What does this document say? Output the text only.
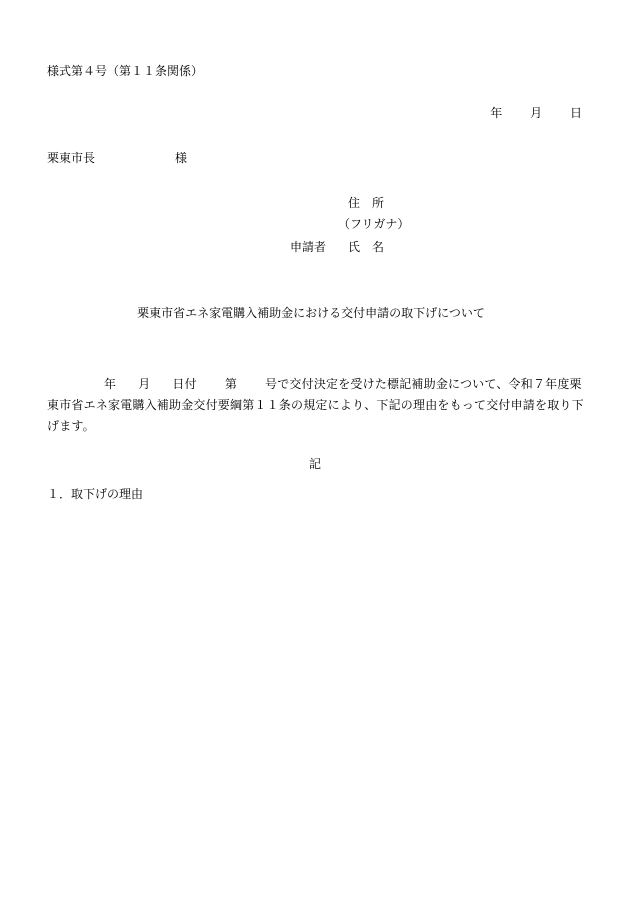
様式第４号（第１１条関係）
年 月 日
栗東市長	様
住　所
（フリガナ）
申請者 氏　名
栗東市省エネ家電購入補助金における交付申請の取下げについて
年 月 日付 第 号で交付決定を受けた標記補助金について、令和７年度栗東市省エネ家電購入補助金交付要綱第１１条の規定により、下記の理由をもって交付申請を取り下げます。
記
１．取下げの理由
